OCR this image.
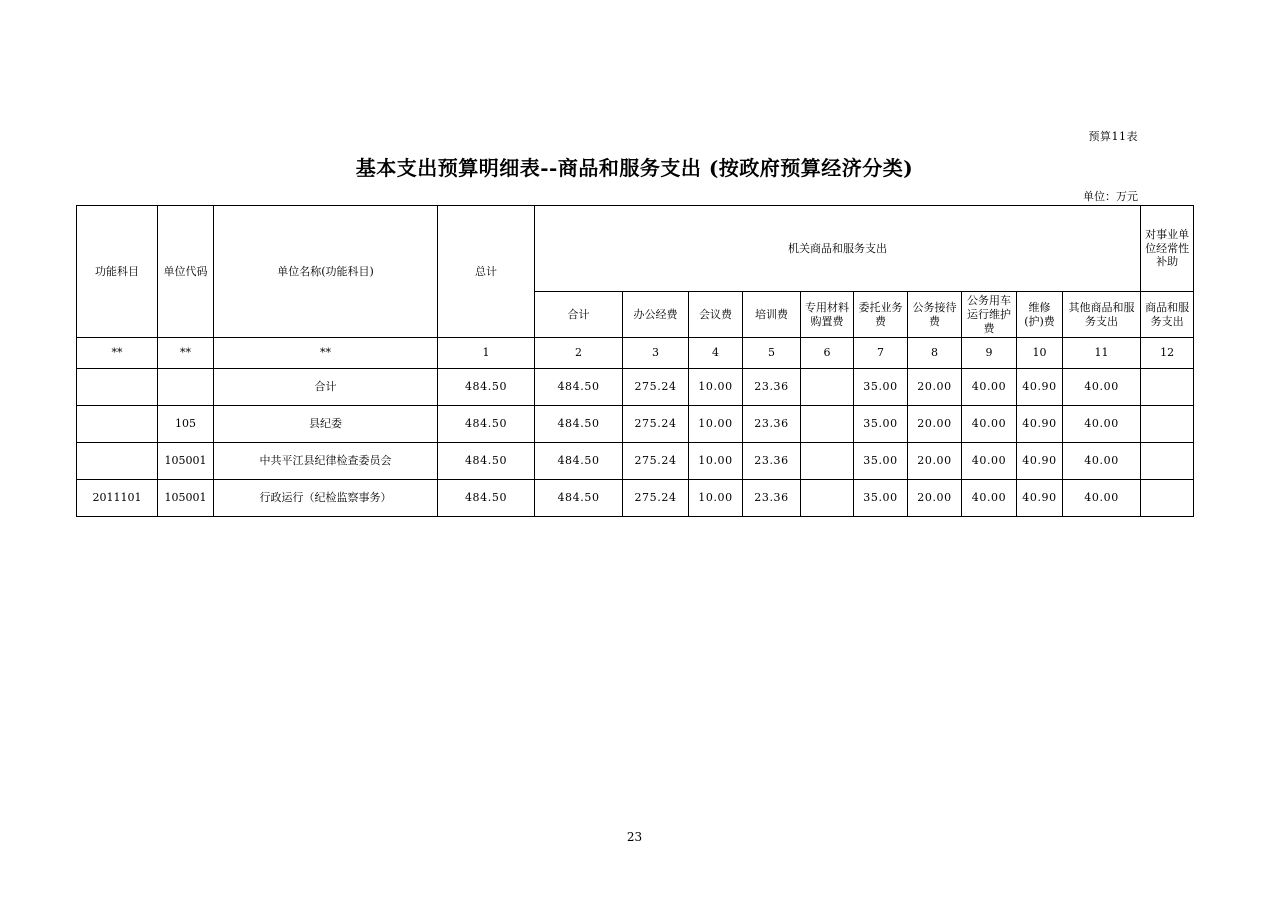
预算11表
基本支出预算明细表--商品和服务支出 (按政府预算经济分类)
单位：万元
功能科目	单位代码	单位名称(功能科目)	总计	机关商品和服务支出										对事业单位经常性补助
				合计	办公经费	会议费	培训费	专用材料购置费	委托业务费	公务接待费	公务用车运行维护费	维修(护)费	其他商品和服务支出	商品和服务支出
**	**	**	1	2	3	4	5	6	7	8	9	10	11	12
		合计	484.50	484.50	275.24	10.00	23.36		35.00	20.00	40.00	40.90	40.00	
	105	县纪委	484.50	484.50	275.24	10.00	23.36		35.00	20.00	40.00	40.90	40.00	
	105001	中共平江县纪律检查委员会	484.50	484.50	275.24	10.00	23.36		35.00	20.00	40.00	40.90	40.00	
2011101	105001	行政运行（纪检监察事务）	484.50	484.50	275.24	10.00	23.36		35.00	20.00	40.00	40.90	40.00	
23
